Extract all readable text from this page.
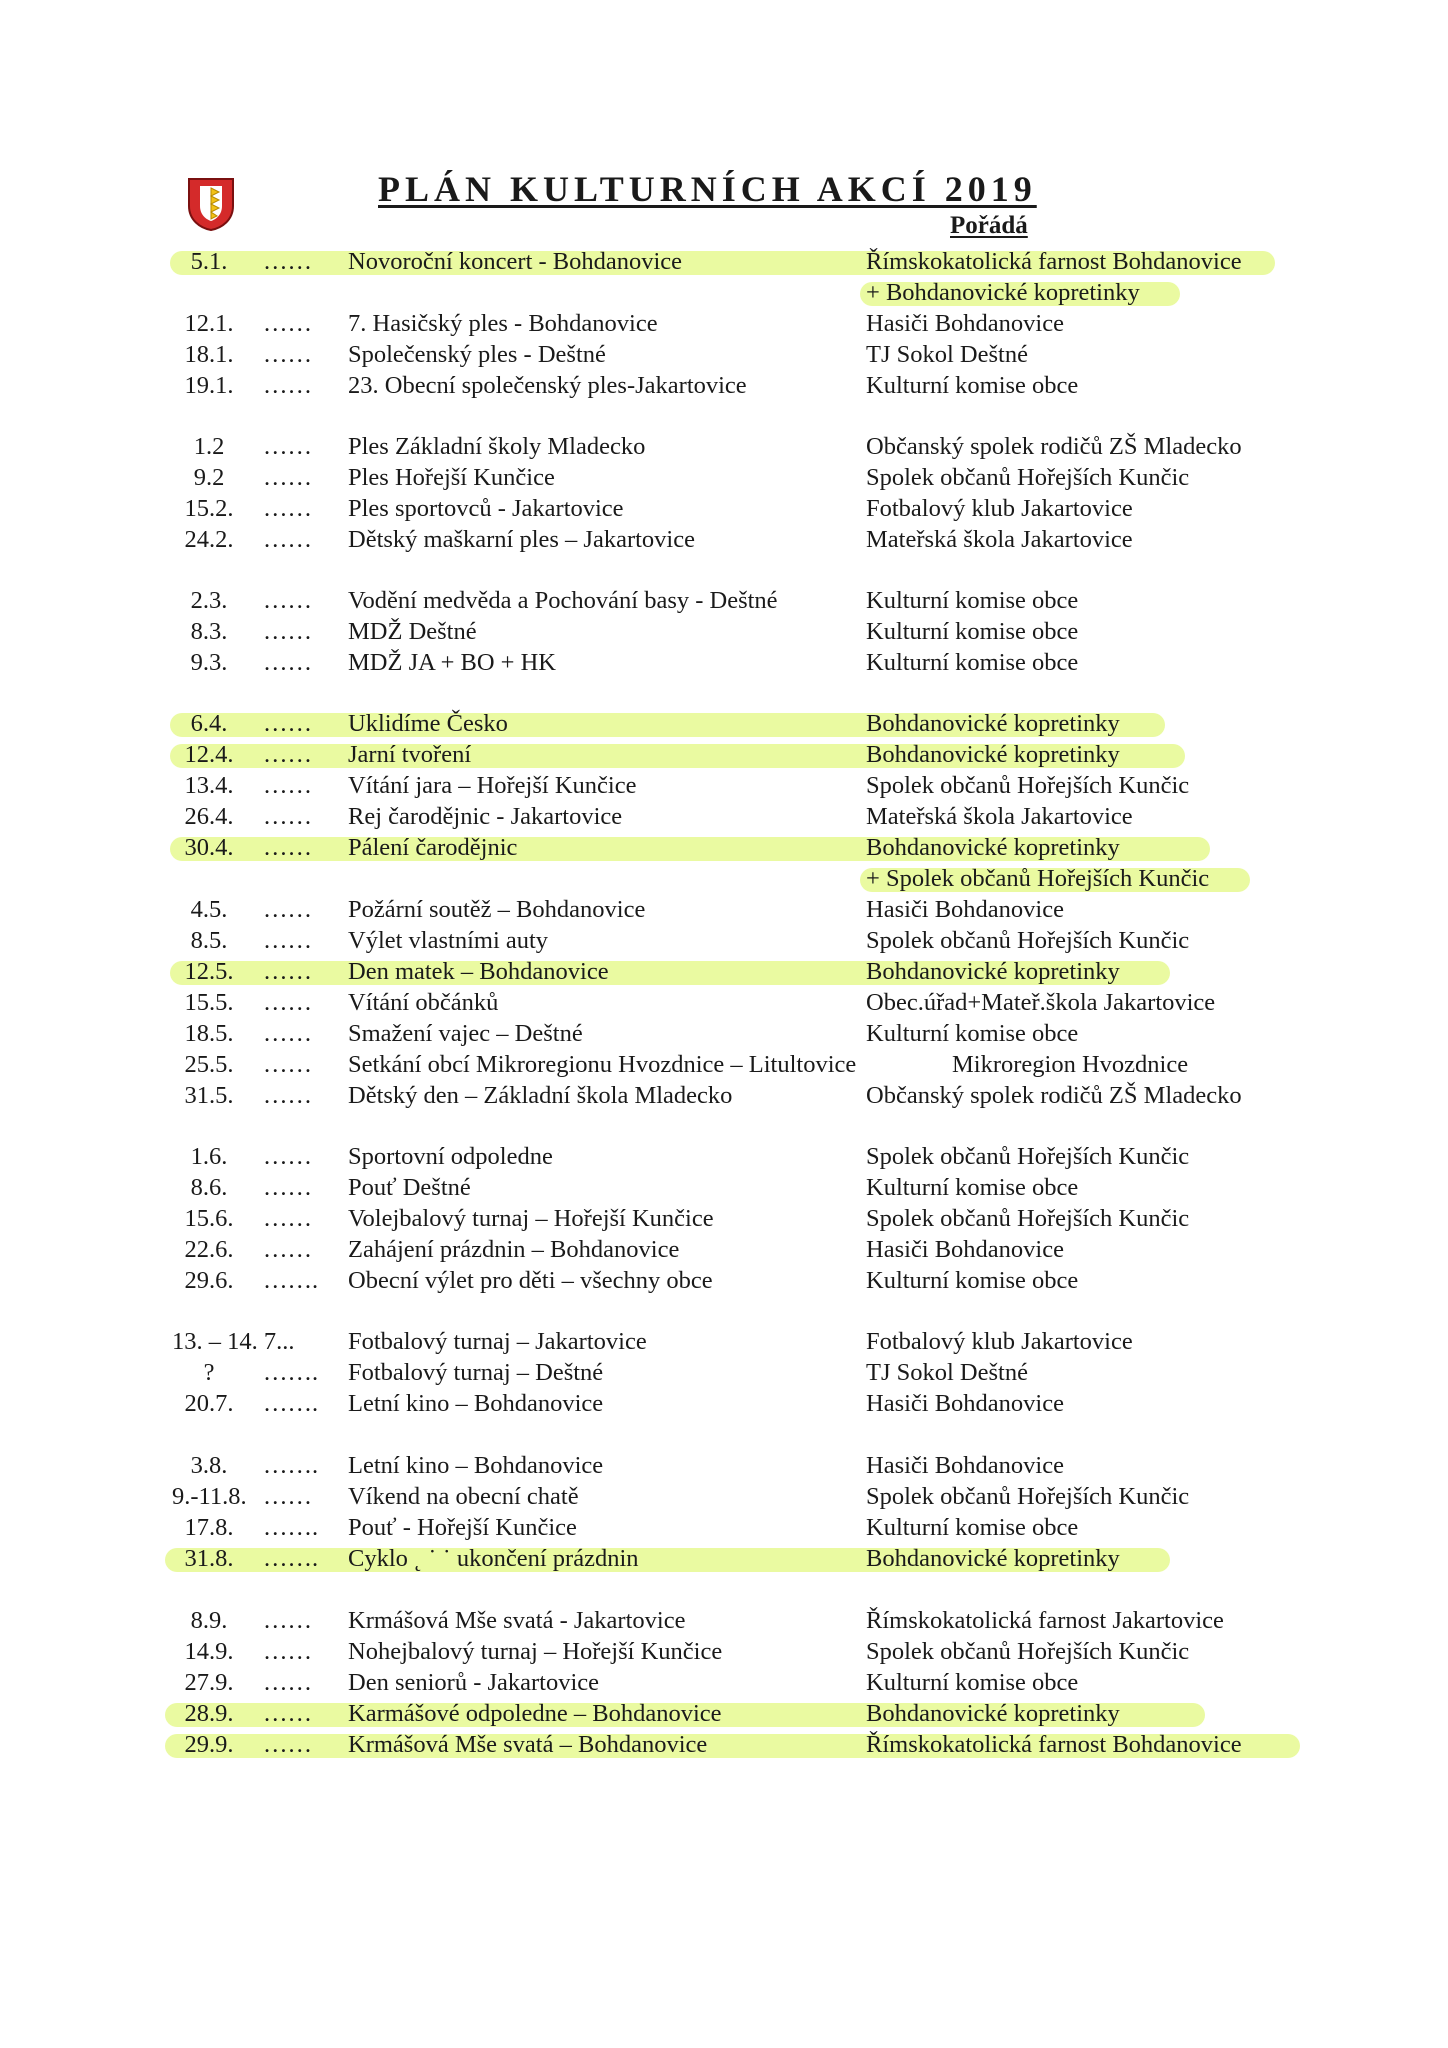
PLÁN KULTURNÍCH AKCÍ 2019
Pořádá
5.1.	…… Novoroční koncert - Bohdanovice	Římskokatolická farnost Bohdanovice
+ Bohdanovické kopretinky
12.1.	…… 7. Hasičský ples - Bohdanovice	Hasiči Bohdanovice
18.1.	…… Společenský ples - Deštné	TJ Sokol Deštné
19.1.	…… 23. Obecní společenský ples-Jakartovice	Kulturní komise obce
1.2	…… Ples Základní školy Mladecko	Občanský spolek rodičů ZŠ Mladecko
9.2	…… Ples Hořejší Kunčice	Spolek občanů Hořejších Kunčic
15.2.	…… Ples sportovců - Jakartovice	Fotbalový klub Jakartovice
24.2.	…… Dětský maškarní ples – Jakartovice	Mateřská škola Jakartovice
2.3.	…… Vodění medvěda a Pochování basy - Deštné	Kulturní komise obce
8.3.	…… MDŽ Deštné	Kulturní komise obce
9.3.	…… MDŽ JA + BO + HK	Kulturní komise obce
6.4.	…… Uklidíme Česko	Bohdanovické kopretinky
12.4.	…… Jarní tvoření	Bohdanovické kopretinky
13.4.	…… Vítání jara – Hořejší Kunčice	Spolek občanů Hořejších Kunčic
26.4.	…… Rej čarodějnic - Jakartovice	Mateřská škola Jakartovice
30.4.	…… Pálení čarodějnic	Bohdanovické kopretinky
+ Spolek občanů Hořejších Kunčic
4.5.	…… Požární soutěž – Bohdanovice	Hasiči Bohdanovice
8.5.	…… Výlet vlastními auty	Spolek občanů Hořejších Kunčic
12.5.	…… Den matek – Bohdanovice	Bohdanovické kopretinky
15.5.	…… Vítání občánků	Obec.úřad+Mateř.škola Jakartovice
18.5.	…… Smažení vajec – Deštné	Kulturní komise obce
25.5.	…… Setkání obcí Mikroregionu Hvozdnice – Litultovice	Mikroregion Hvozdnice
31.5.	…… Dětský den – Základní škola Mladecko	Občanský spolek rodičů ZŠ Mladecko
1.6.	…… Sportovní odpoledne	Spolek občanů Hořejších Kunčic
8.6.	…… Pouť Deštné	Kulturní komise obce
15.6.	…… Volejbalový turnaj – Hořejší Kunčice	Spolek občanů Hořejších Kunčic
22.6.	…… Zahájení prázdnin – Bohdanovice	Hasiči Bohdanovice
29.6.	……. Obecní výlet pro děti – všechny obce	Kulturní komise obce
13. – 14. 7... Fotbalový turnaj – Jakartovice	Fotbalový klub Jakartovice
?	……. Fotbalový turnaj – Deštné	TJ Sokol Deštné
20.7.	……. Letní kino – Bohdanovice	Hasiči Bohdanovice
3.8.	……. Letní kino – Bohdanovice	Hasiči Bohdanovice
9.-11.8. …… Víkend na obecní chatě	Spolek občanů Hořejších Kunčic
17.8.	……. Pouť - Hořejší Kunčice	Kulturní komise obce
31.8.	……. Cyklo ˛ ˙ ˙ ukončení prázdnin	Bohdanovické kopretinky
8.9.	…… Krmášová Mše svatá - Jakartovice	Římskokatolická farnost Jakartovice
14.9.	…… Nohejbalový turnaj – Hořejší Kunčice	Spolek občanů Hořejších Kunčic
27.9.	…… Den seniorů - Jakartovice	Kulturní komise obce
28.9.	…… Karmášové odpoledne – Bohdanovice	Bohdanovické kopretinky
29.9.	…… Krmášová Mše svatá – Bohdanovice	Římskokatolická farnost Bohdanovice
